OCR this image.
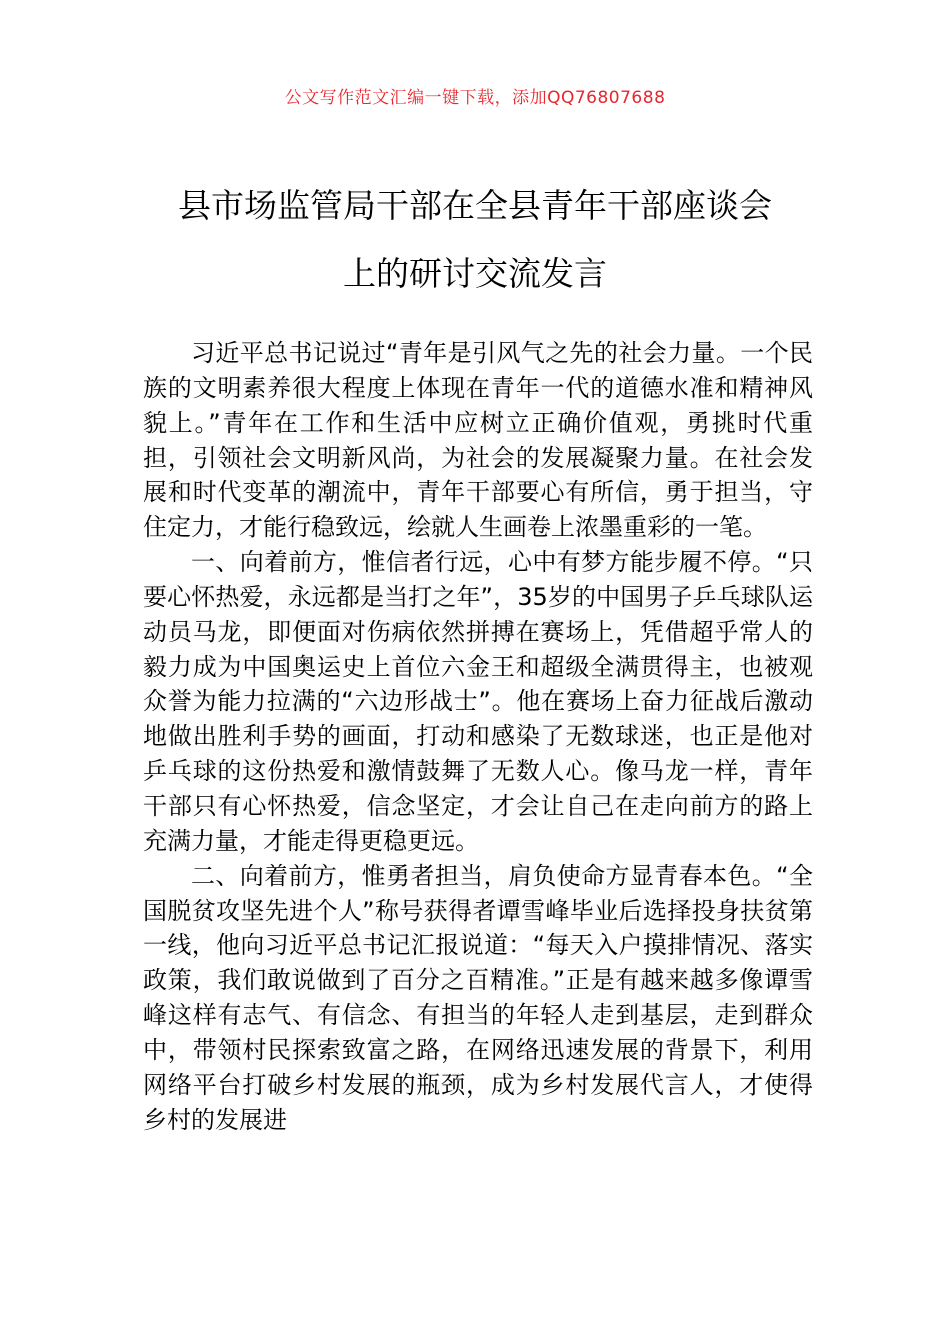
公文写作范文汇编一键下载，添加QQ76807688
县市场监管局干部在全县青年干部座谈会
上的研讨交流发言

习近平总书记说过“青年是引风气之先的社会力量。一个民族的文明素养很大程度上体现在青年一代的道德水准和精神风貌上。”青年在工作和生活中应树立正确价值观，勇挑时代重担，引领社会文明新风尚，为社会的发展凝聚力量。在社会发展和时代变革的潮流中，青年干部要心有所信，勇于担当，守住定力，才能行稳致远，绘就人生画卷上浓墨重彩的一笔。

一、向着前方，惟信者行远，心中有梦方能步履不停。“只要心怀热爱，永远都是当打之年”，35岁的中国男子乒乓球队运动员马龙，即便面对伤病依然拼搏在赛场上，凭借超乎常人的毅力成为中国奥运史上首位六金王和超级全满贯得主，也被观众誉为能力拉满的“六边形战士”。他在赛场上奋力征战后激动地做出胜利手势的画面，打动和感染了无数球迷，也正是他对乒乓球的这份热爱和激情鼓舞了无数人心。像马龙一样，青年干部只有心怀热爱，信念坚定，才会让自己在走向前方的路上充满力量，才能走得更稳更远。

二、向着前方，惟勇者担当，肩负使命方显青春本色。“全国脱贫攻坚先进个人”称号获得者谭雪峰毕业后选择投身扶贫第一线，他向习近平总书记汇报说道：“每天入户摸排情况、落实政策，我们敢说做到了百分之百精准。”正是有越来越多像谭雪峰这样有志气、有信念、有担当的年轻人走到基层，走到群众中，带领村民探索致富之路，在网络迅速发展的背景下，利用网络平台打破乡村发展的瓶颈，成为乡村发展代言人，才使得乡村的发展进
